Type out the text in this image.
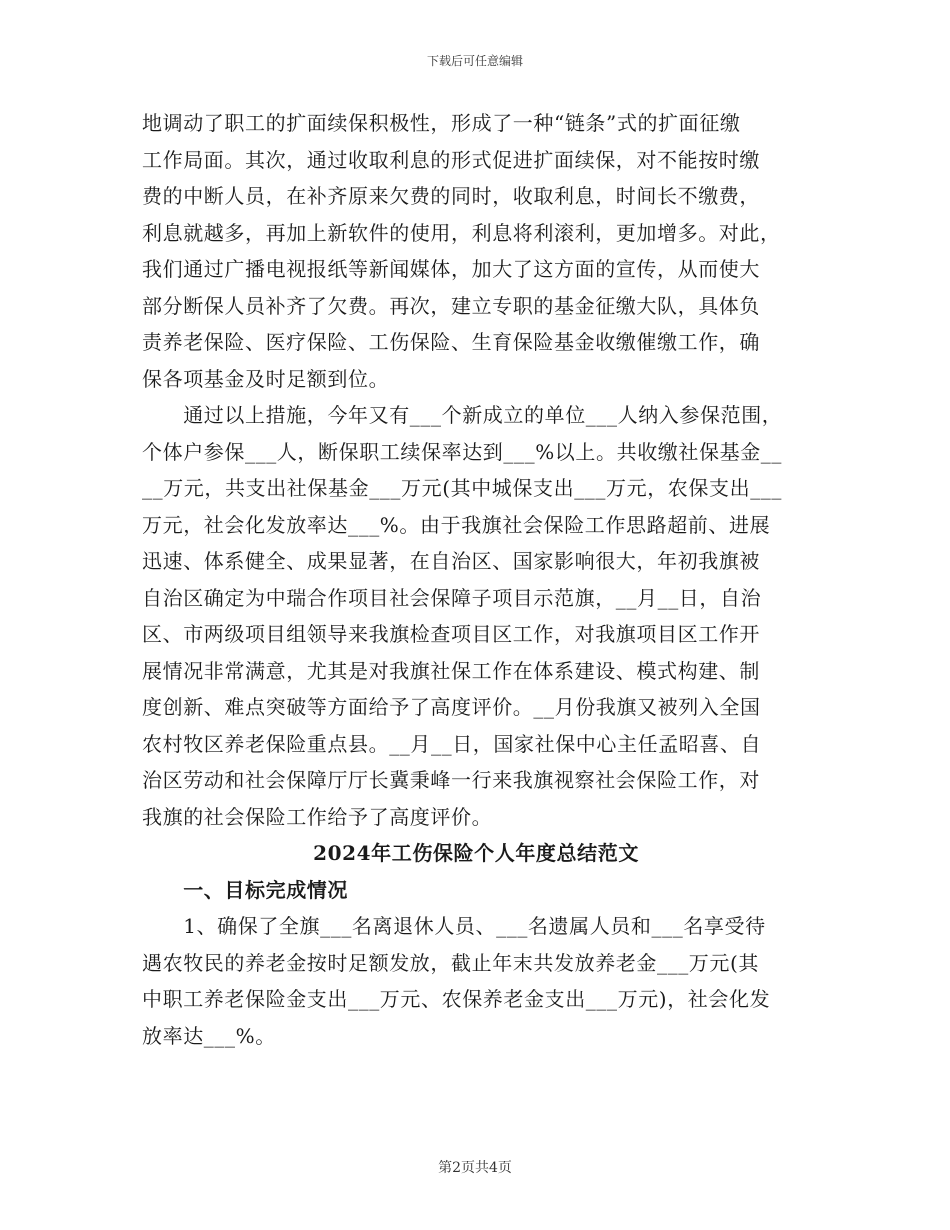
下载后可任意编辑
地调动了职工的扩面续保积极性，形成了一种“链条”式的扩面征缴
工作局面。其次，通过收取利息的形式促进扩面续保，对不能按时缴
费的中断人员，在补齐原来欠费的同时，收取利息，时间长不缴费，
利息就越多，再加上新软件的使用，利息将利滚利，更加增多。对此，
我们通过广播电视报纸等新闻媒体，加大了这方面的宣传，从而使大
部分断保人员补齐了欠费。再次，建立专职的基金征缴大队，具体负
责养老保险、医疗保险、工伤保险、生育保险基金收缴催缴工作，确
保各项基金及时足额到位。
　　通过以上措施，今年又有___个新成立的单位___人纳入参保范围，
个体户参保___人，断保职工续保率达到___%以上。共收缴社保基金__
__万元，共支出社保基金___万元(其中城保支出___万元，农保支出___
万元，社会化发放率达___%。由于我旗社会保险工作思路超前、进展
迅速、体系健全、成果显著，在自治区、国家影响很大，年初我旗被
自治区确定为中瑞合作项目社会保障子项目示范旗，__月__日，自治
区、市两级项目组领导来我旗检查项目区工作，对我旗项目区工作开
展情况非常满意，尤其是对我旗社保工作在体系建设、模式构建、制
度创新、难点突破等方面给予了高度评价。__月份我旗又被列入全国
农村牧区养老保险重点县。__月__日，国家社保中心主任孟昭喜、自
治区劳动和社会保障厅厅长冀秉峰一行来我旗视察社会保险工作，对
我旗的社会保险工作给予了高度评价。
2024年工伤保险个人年度总结范文
　　一、目标完成情况
　　1、确保了全旗___名离退休人员、___名遗属人员和___名享受待
遇农牧民的养老金按时足额发放，截止年末共发放养老金___万元(其
中职工养老保险金支出___万元、农保养老金支出___万元)，社会化发
放率达___%。
第2页共4页
